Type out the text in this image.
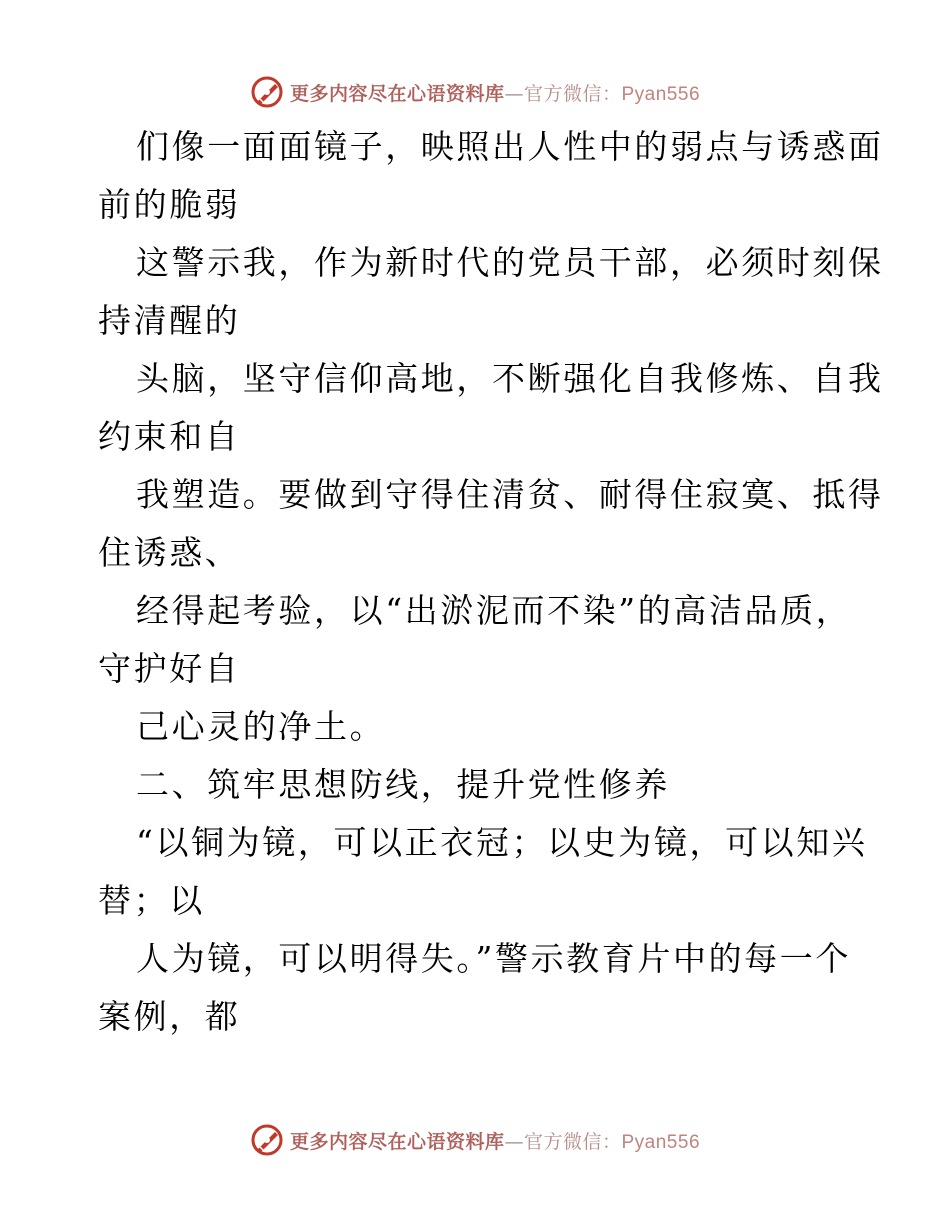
更多内容尽在心语资料库—官方微信：Pyan556
们像一面面镜子，映照出人性中的弱点与诱惑面
前的脆弱
这警示我，作为新时代的党员干部，必须时刻保
持清醒的
头脑，坚守信仰高地，不断强化自我修炼、自我
约束和自
我塑造。要做到守得住清贫、耐得住寂寞、抵得
住诱惑、
经得起考验，以“出淤泥而不染”的高洁品质，
守护好自
己心灵的净土。
二、筑牢思想防线，提升党性修养
“以铜为镜，可以正衣冠；以史为镜，可以知兴
替；以
人为镜，可以明得失。”警示教育片中的每一个
案例，都
更多内容尽在心语资料库—官方微信：Pyan556
